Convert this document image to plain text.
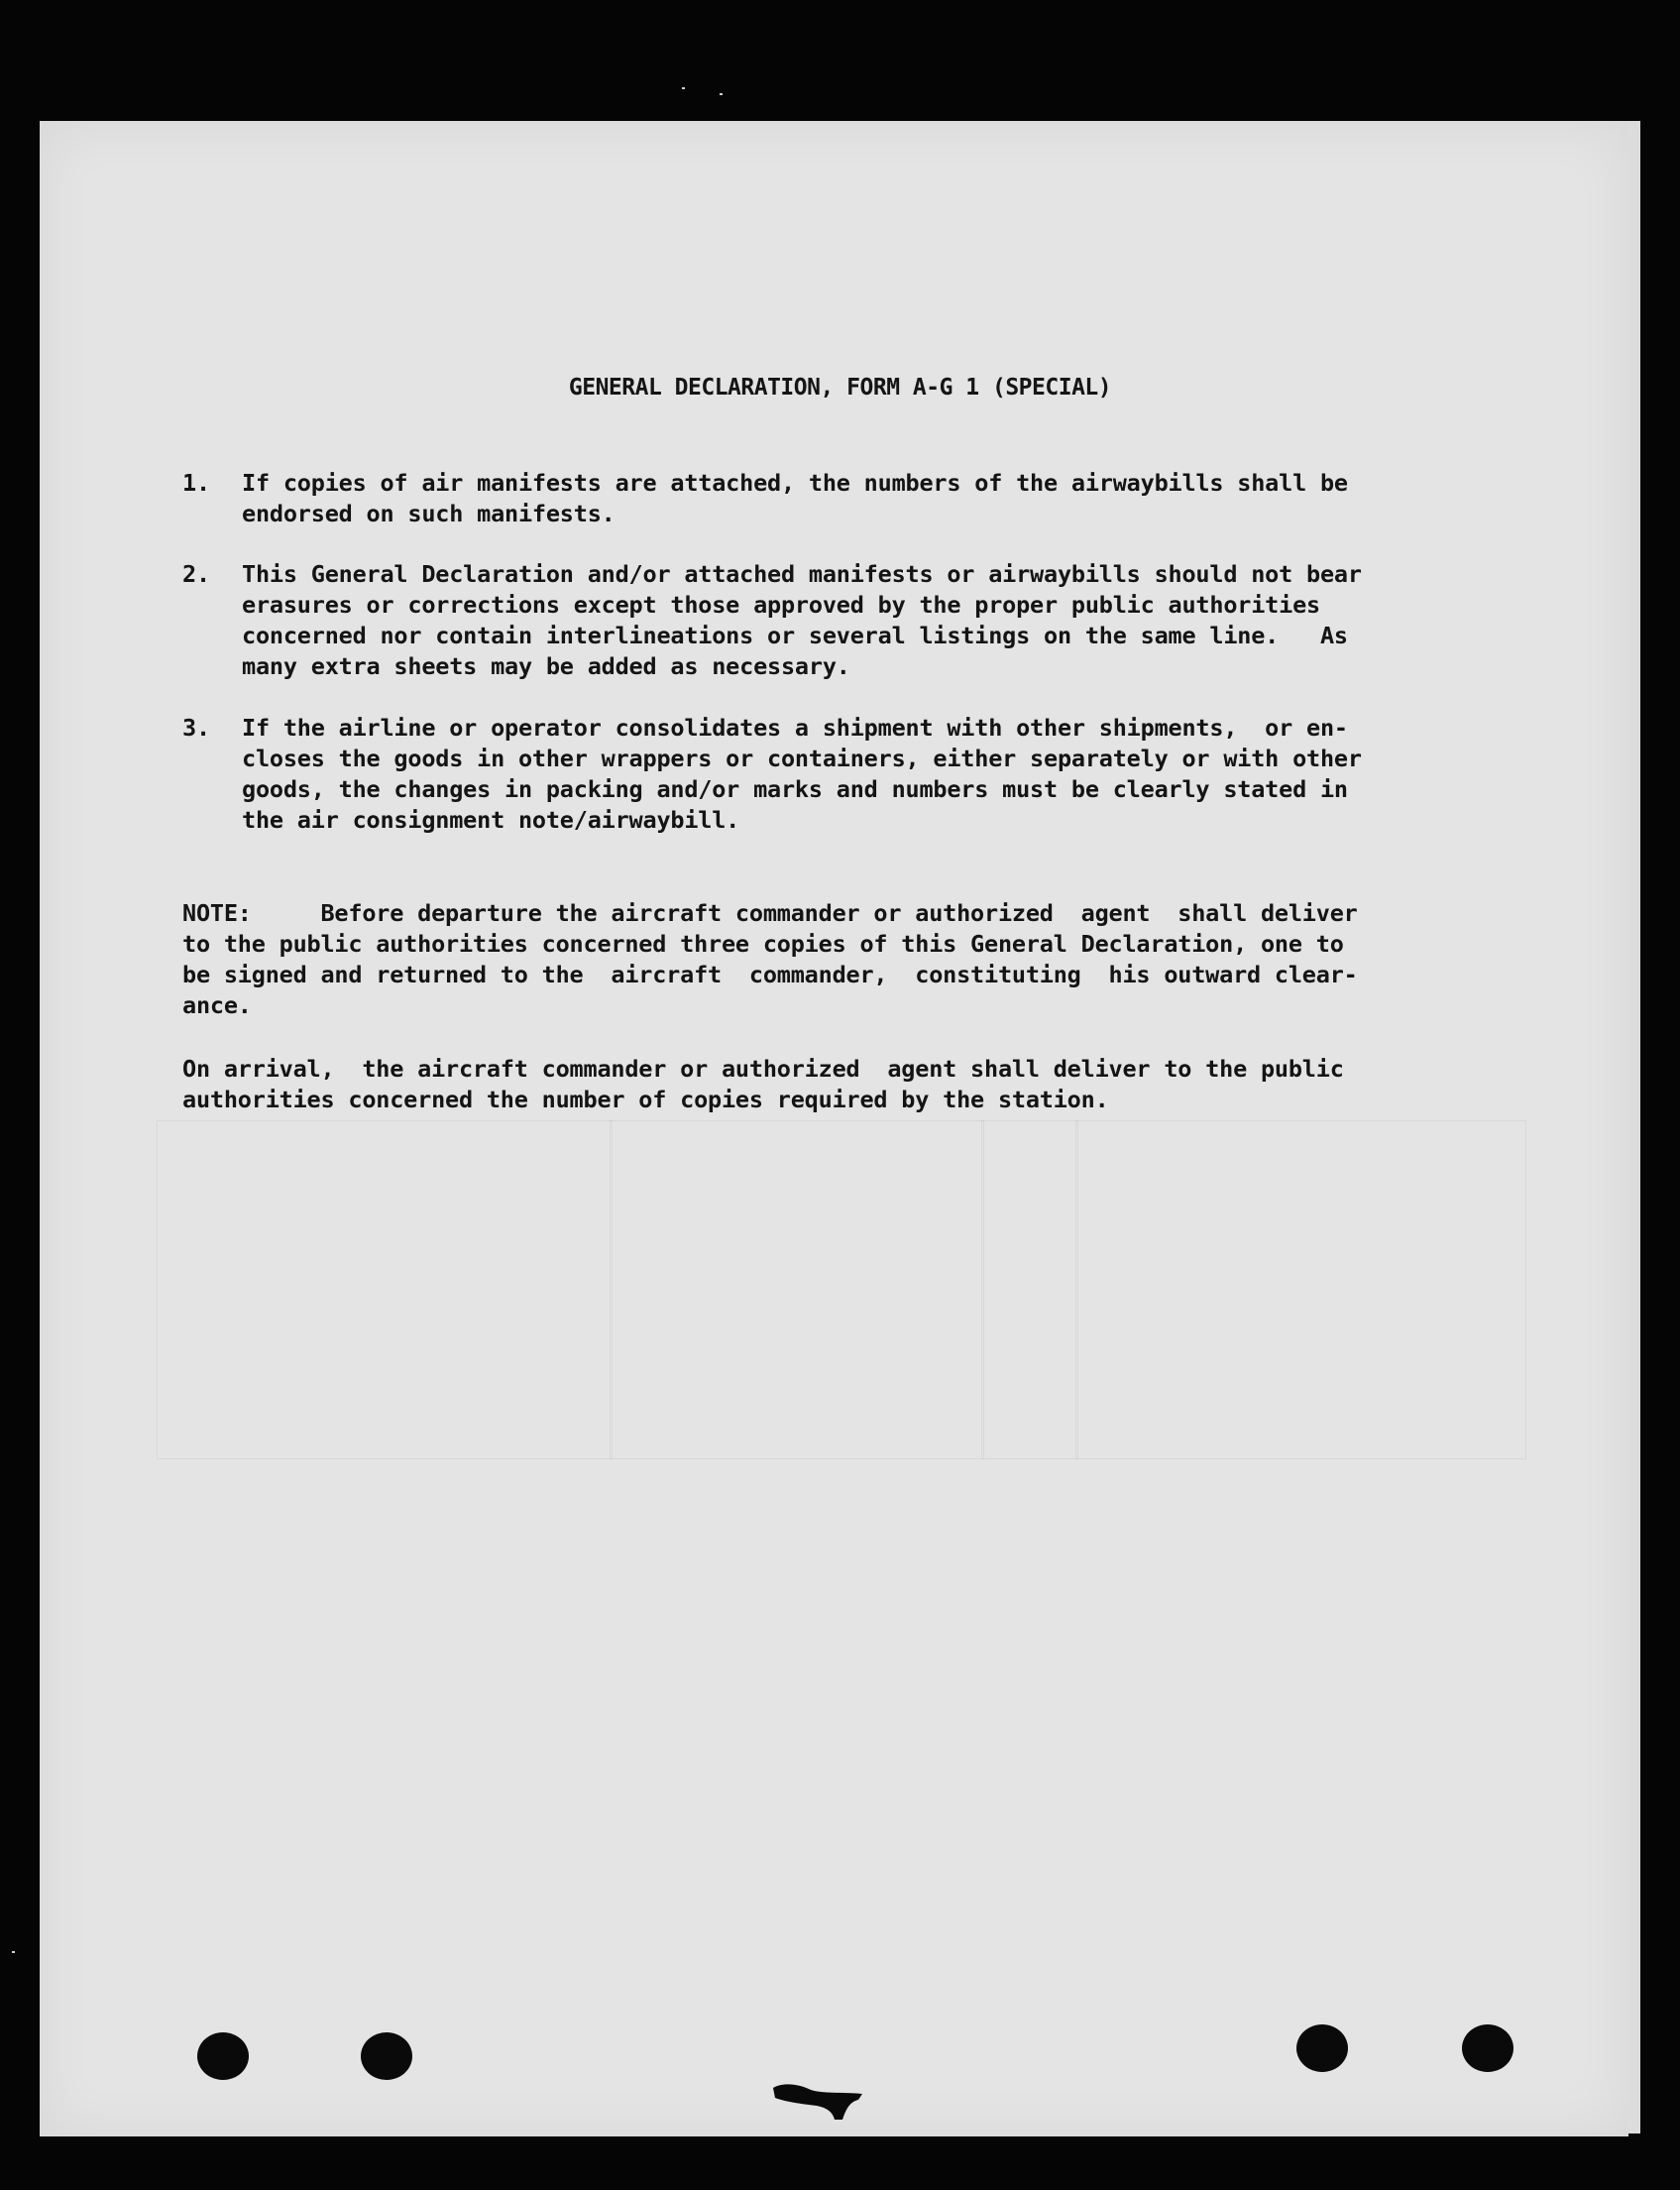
GENERAL DECLARATION, FORM A-G 1 (SPECIAL)
1. If copies of air manifests are attached, the numbers of the airwaybills shall be
endorsed on such manifests.
2. This General Declaration and/or attached manifests or airwaybills should not bear
erasures or corrections except those approved by the proper public authorities
concerned nor contain interlineations or several listings on the same line.   As
many extra sheets may be added as necessary.
3. If the airline or operator consolidates a shipment with other shipments,  or en-
closes the goods in other wrappers or containers, either separately or with other
goods, the changes in packing and/or marks and numbers must be clearly stated in
the air consignment note/airwaybill.
NOTE:     Before departure the aircraft commander or authorized  agent  shall deliver
to the public authorities concerned three copies of this General Declaration, one to
be signed and returned to the  aircraft  commander,  constituting  his outward clear-
ance.
On arrival,  the aircraft commander or authorized  agent shall deliver to the public
authorities concerned the number of copies required by the station.
